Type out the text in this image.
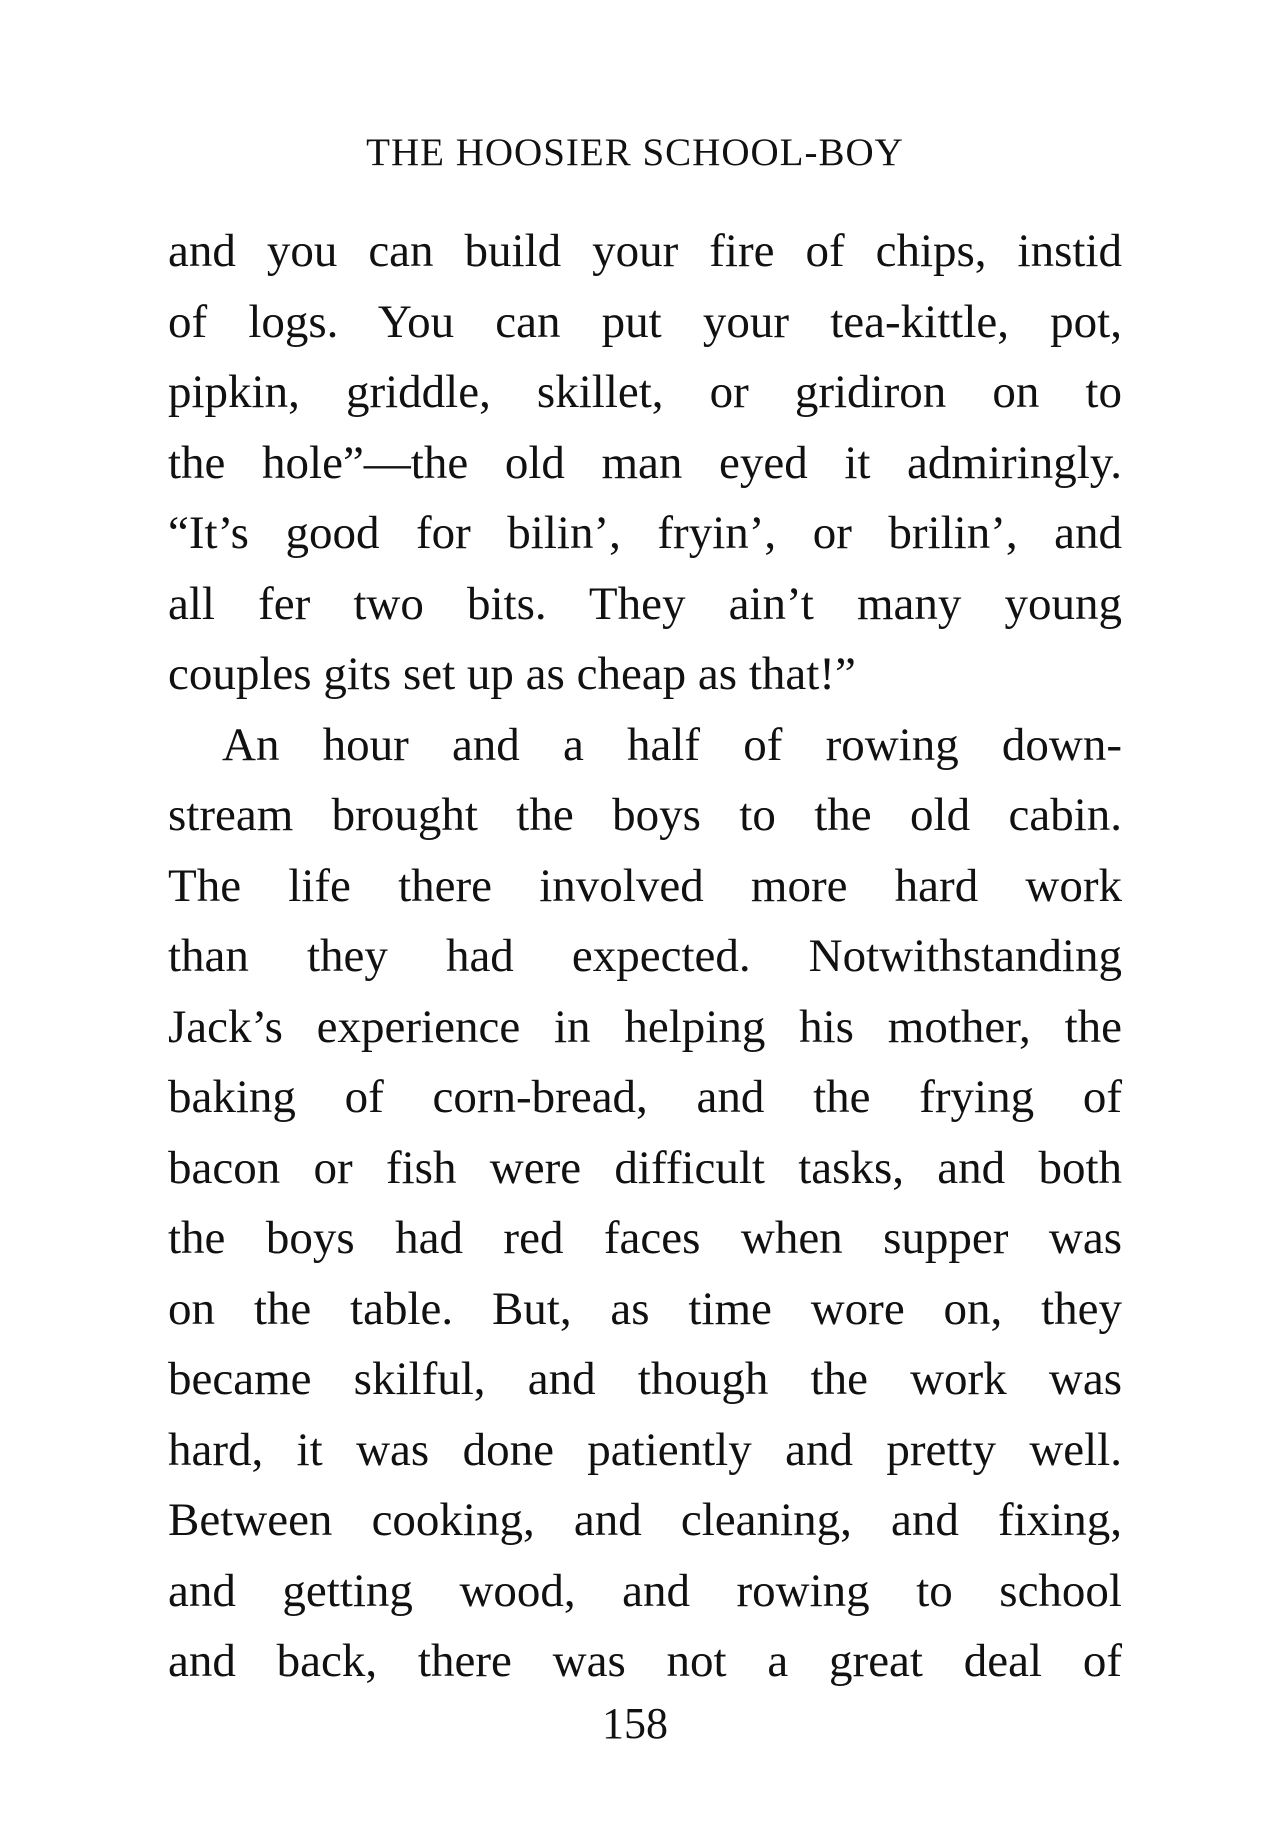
THE HOOSIER SCHOOL-BOY
and you can build your fire of chips, instid
of logs. You can put your tea-kittle, pot,
pipkin, griddle, skillet, or gridiron on to
the hole”—the old man eyed it admiringly.
“It’s good for bilin’, fryin’, or brilin’, and
all fer two bits. They ain’t many young
couples gits set up as cheap as that!”
An hour and a half of rowing down-
stream brought the boys to the old cabin.
The life there involved more hard work
than they had expected. Notwithstanding
Jack’s experience in helping his mother, the
baking of corn-bread, and the frying of
bacon or fish were difficult tasks, and both
the boys had red faces when supper was
on the table. But, as time wore on, they
became skilful, and though the work was
hard, it was done patiently and pretty well.
Between cooking, and cleaning, and fixing,
and getting wood, and rowing to school
and back, there was not a great deal of
158
